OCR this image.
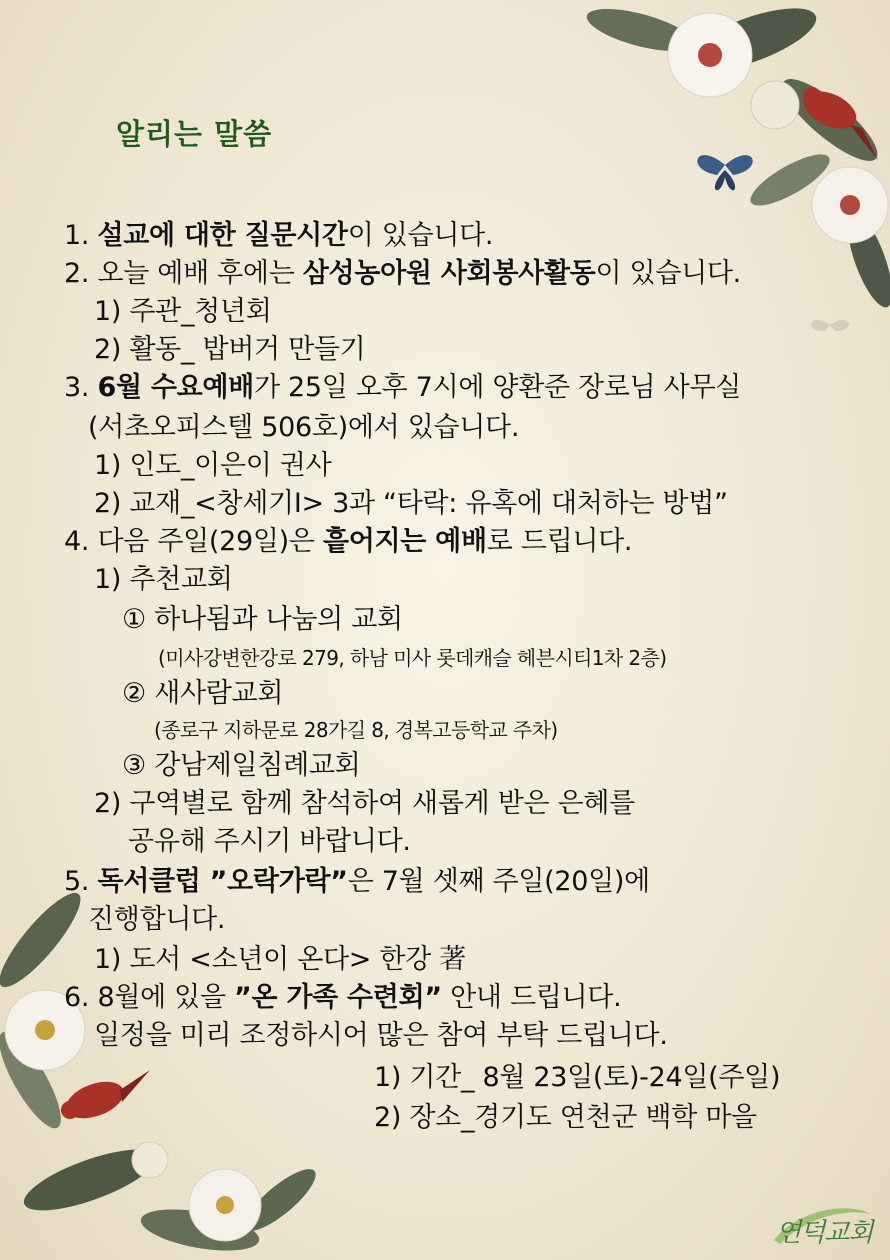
알리는 말씀
1. 설교에 대한 질문시간이 있습니다.
2. 오늘 예배 후에는 삼성농아원 사회봉사활동이 있습니다.
1) 주관_청년회
2) 활동_ 밥버거 만들기
3. 6월 수요예배가 25일 오후 7시에 양환준 장로님 사무실
(서초오피스텔 506호)에서 있습니다.
1) 인도_이은이 권사
2) 교재_<창세기Ⅰ> 3과 “타락: 유혹에 대처하는 방법”
4. 다음 주일(29일)은 흩어지는 예배로 드립니다.
1) 추천교회
① 하나됨과 나눔의 교회
(미사강변한강로 279, 하남 미사 롯데캐슬 헤븐시티1차 2층)
② 새사람교회
(종로구 지하문로 28가길 8, 경복고등학교 주차)
③ 강남제일침례교회
2) 구역별로 함께 참석하여 새롭게 받은 은혜를
공유해 주시기 바랍니다.
5. 독서클럽 ”오락가락”은 7월 셋째 주일(20일)에
진행합니다.
1) 도서 <소년이 온다> 한강 著
6. 8월에 있을 ”온 가족 수련회” 안내 드립니다.
일정을 미리 조정하시어 많은 참여 부탁 드립니다.
1) 기간_ 8월 23일(토)-24일(주일)
2) 장소_경기도 연천군 백학 마을
연덕교회
